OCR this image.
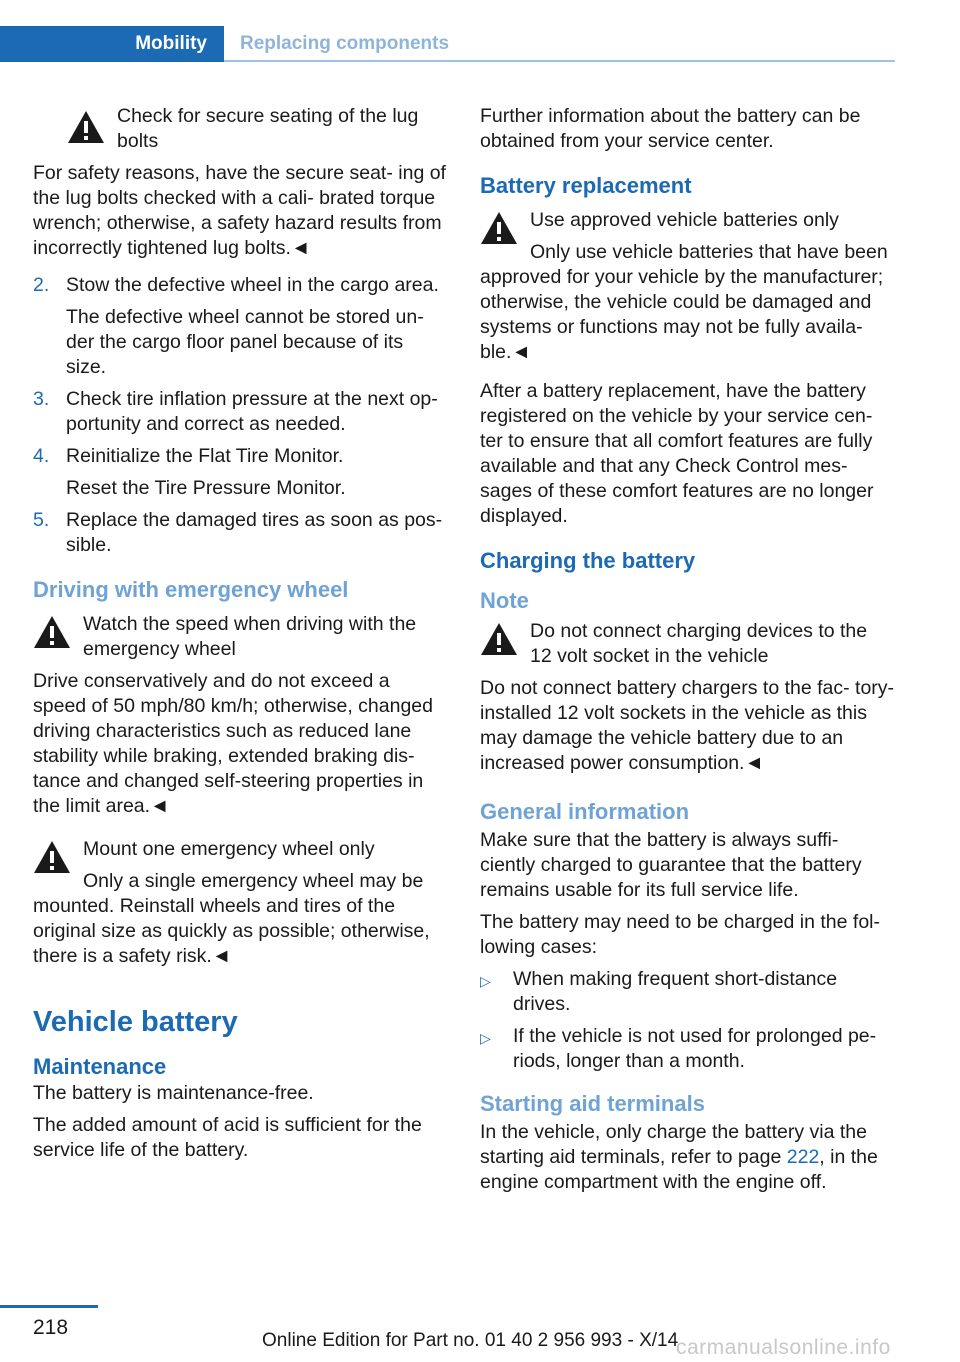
Mobility	Replacing components
Check for secure seating of the lug
bolts
For safety reasons, have the secure seat- ing of the lug bolts checked with a cali- brated torque wrench; otherwise, a safety hazard results from incorrectly tightened lug bolts.◄
2. Stow the defective wheel in the cargo area.
The defective wheel cannot be stored un- der the cargo floor panel because of its size.
3. Check tire inflation pressure at the next op- portunity and correct as needed.
4. Reinitialize the Flat Tire Monitor.
Reset the Tire Pressure Monitor.
5. Replace the damaged tires as soon as pos- sible.
Driving with emergency wheel
Watch the speed when driving with the
emergency wheel
Drive conservatively and do not exceed a speed of 50 mph/80 km/h; otherwise, changed driving characteristics such as reduced lane stability while braking, extended braking dis- tance and changed self-steering properties in the limit area.◄
Mount one emergency wheel only
Only a single emergency wheel may be
mounted. Reinstall wheels and tires of the original size as quickly as possible; otherwise, there is a safety risk.◄
Vehicle battery
Maintenance
The battery is maintenance-free.
The added amount of acid is sufficient for the service life of the battery.
Further information about the battery can be obtained from your service center.
Battery replacement
Use approved vehicle batteries only
Only use vehicle batteries that have been
approved for your vehicle by the manufacturer; otherwise, the vehicle could be damaged and systems or functions may not be fully availa- ble.◄
After a battery replacement, have the battery registered on the vehicle by your service cen- ter to ensure that all comfort features are fully available and that any Check Control mes- sages of these comfort features are no longer displayed.
Charging the battery
Note
Do not connect charging devices to the
12 volt socket in the vehicle
Do not connect battery chargers to the fac- tory-installed 12 volt sockets in the vehicle as this may damage the vehicle battery due to an increased power consumption.◄
General information
Make sure that the battery is always suffi- ciently charged to guarantee that the battery remains usable for its full service life.
The battery may need to be charged in the fol- lowing cases:
▷	When making frequent short-distance drives.
▷	If the vehicle is not used for prolonged pe- riods, longer than a month.
Starting aid terminals
In the vehicle, only charge the battery via the starting aid terminals, refer to page 222, in the engine compartment with the engine off.
218
Online Edition for Part no. 01 40 2 956 993 - X/14
carmanualsonline.info
